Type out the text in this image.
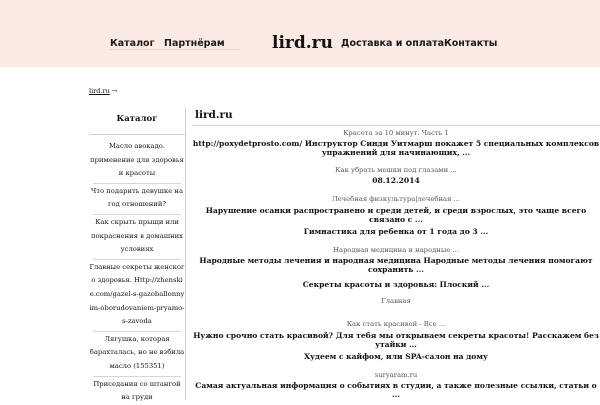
Каталог Партнёрам	lird.ru Доставка и оплата Контакты
lird.ru →
Каталог
Масло авокадо. применение для здоровья и красоты
Что подарить девушке на год отношений?
Как скрыть прыщи или покраснения в домашних условиях
Главные секреты женского здоровья. Http://zhenskie.com/gazel-s-gazoballonnyim-oborudovaniem-pryamo-s-zavoda
Лягушка, которая барахталась, но не взбила масло (155351)
Приседания со штангой на груди
lird.ru
Красота за 10 минут. Часть 1
http://poxydetprosto.com/ Инструктор Синди Уитмарш покажет 5 специальных комплексов упражнений для начинающих, ...
Как убрать мешки под глазами ...
08.12.2014
Лечебная физкультура|лечебная ...
Нарушение осанки распространено и среди детей, и среди взрослых, это чаще всего связано с ...
Гимнастика для ребенка от 1 года до 3 ...
Народная медицина и народные ...
Народные методы лечения и народная медицина Народные методы лечения помогают сохранить ...
Секреты красоты и здоровья: Плоский ...
Главная
Как стать красивой - Все ...
Нужно срочно стать красивой? Для тебя мы открываем секреты красоты! Расскажем без утайки ...
Худеем с кайфом, или SPA-салон на дому
suryaram.ru
Самая актуальная информация о событиях в студии, а также полезные ссылки, статьи о ...
